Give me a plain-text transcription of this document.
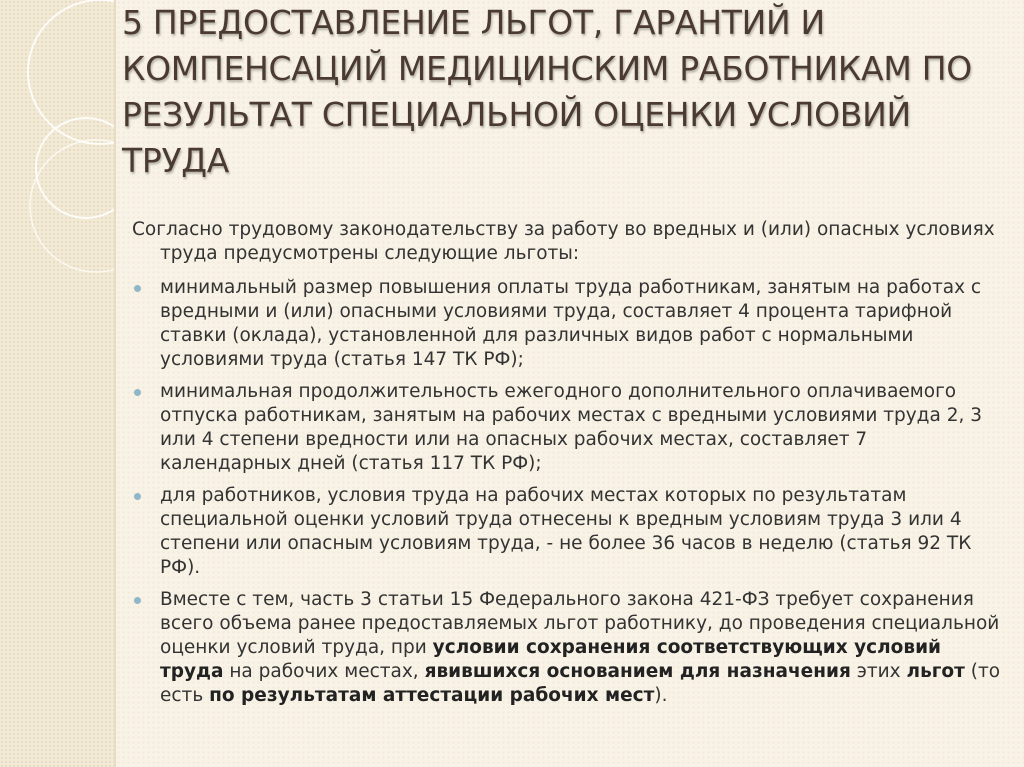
5 ПРЕДОСТАВЛЕНИЕ ЛЬГОТ, ГАРАНТИЙ И КОМПЕНСАЦИЙ МЕДИЦИНСКИМ РАБОТНИКАМ ПО РЕЗУЛЬТАТ СПЕЦИАЛЬНОЙ ОЦЕНКИ УСЛОВИЙ ТРУДА

Согласно трудовому законодательству за работу во вредных и (или) опасных условиях труда предусмотрены следующие льготы:

минимальный размер повышения оплаты труда работникам, занятым на работах с вредными и (или) опасными условиями труда, составляет 4 процента тарифной ставки (оклада), установленной для различных видов работ с нормальными условиями труда (статья 147 ТК РФ);
минимальная продолжительность ежегодного дополнительного оплачиваемого отпуска работникам, занятым на рабочих местах с вредными условиями труда 2, 3 или 4 степени вредности или на опасных рабочих местах, составляет 7 календарных дней (статья 117 ТК РФ);
для работников, условия труда на рабочих местах которых по результатам специальной оценки условий труда отнесены к вредным условиям труда 3 или 4 степени или опасным условиям труда, - не более 36 часов в неделю (статья 92 ТК РФ).
Вместе с тем, часть 3 статьи 15 Федерального закона 421-ФЗ требует сохранения всего объема ранее предоставляемых льгот работнику, до проведения специальной оценки условий труда, при условии сохранения соответствующих условий труда на рабочих местах, явившихся основанием для назначения этих льгот (то есть по результатам аттестации рабочих мест).
